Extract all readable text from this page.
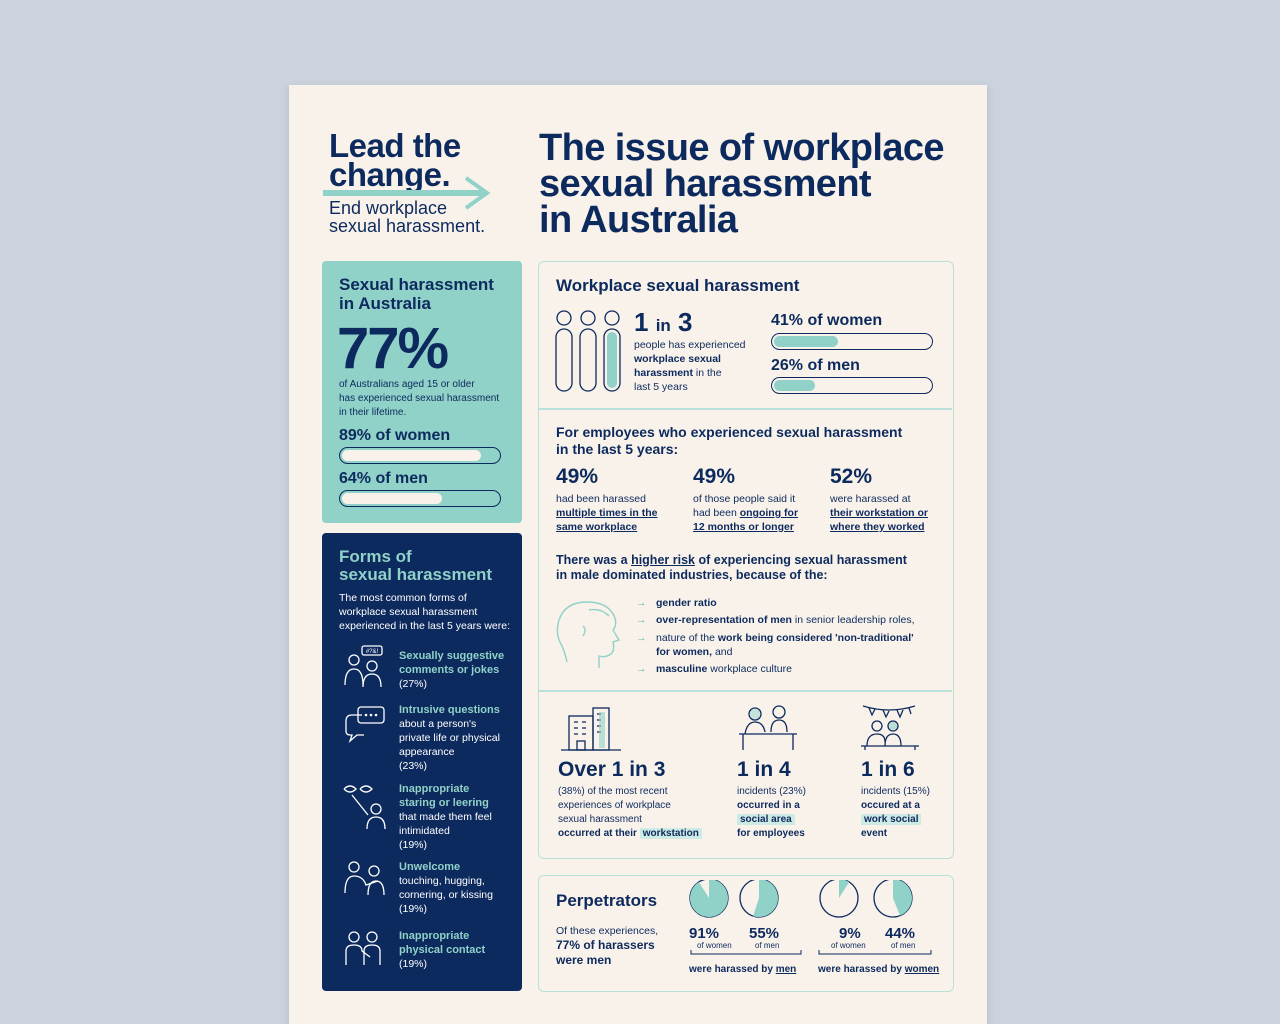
Lead the
change.
End workplace
sexual harassment.
The issue of workplace
sexual harassment
in Australia
Sexual harassment
in Australia
77%
of Australians aged 15 or older
has experienced sexual harassment
in their lifetime.
89% of women
64% of men
Forms of
sexual harassment
The most common forms of
workplace sexual harassment
experienced in the last 5 years were:
#?&! Sexually suggestive
comments or jokes
(27%)
Intrusive questions
about a person's
private life or physical
appearance
(23%)
Inappropriate
staring or leering
that made them feel
intimidated
(19%)
Unwelcome
touching, hugging,
cornering, or kissing
(19%)
Inappropriate
physical contact
(19%)
Workplace sexual harassment
1 in 3
people has experienced
workplace sexual
harassment in the
last 5 years
41% of women
26% of men
For employees who experienced sexual harassment
in the last 5 years:
49%
had been harassed
multiple times in the
same workplace
49%
of those people said it
had been ongoing for
12 months or longer
52%
were harassed at
their workstation or
where they worked
There was a higher risk of experiencing sexual harassment
in male dominated industries, because of the:
→ gender ratio
→ over-representation of men in senior leadership roles,
→ nature of the work being considered 'non-traditional'
for women, and
→ masculine workplace culture
Over 1 in 3
(38%) of the most recent
experiences of workplace
sexual harassment
occurred at their workstation
1 in 4
incidents (23%)
occurred in a
social area
for employees
1 in 6
incidents (15%)
occured at a
work social
event
Perpetrators
Of these experiences,
77% of harassers
were men
91%
of women
55%
of men
9%
of women
44%
of men
were harassed by men were harassed by women
